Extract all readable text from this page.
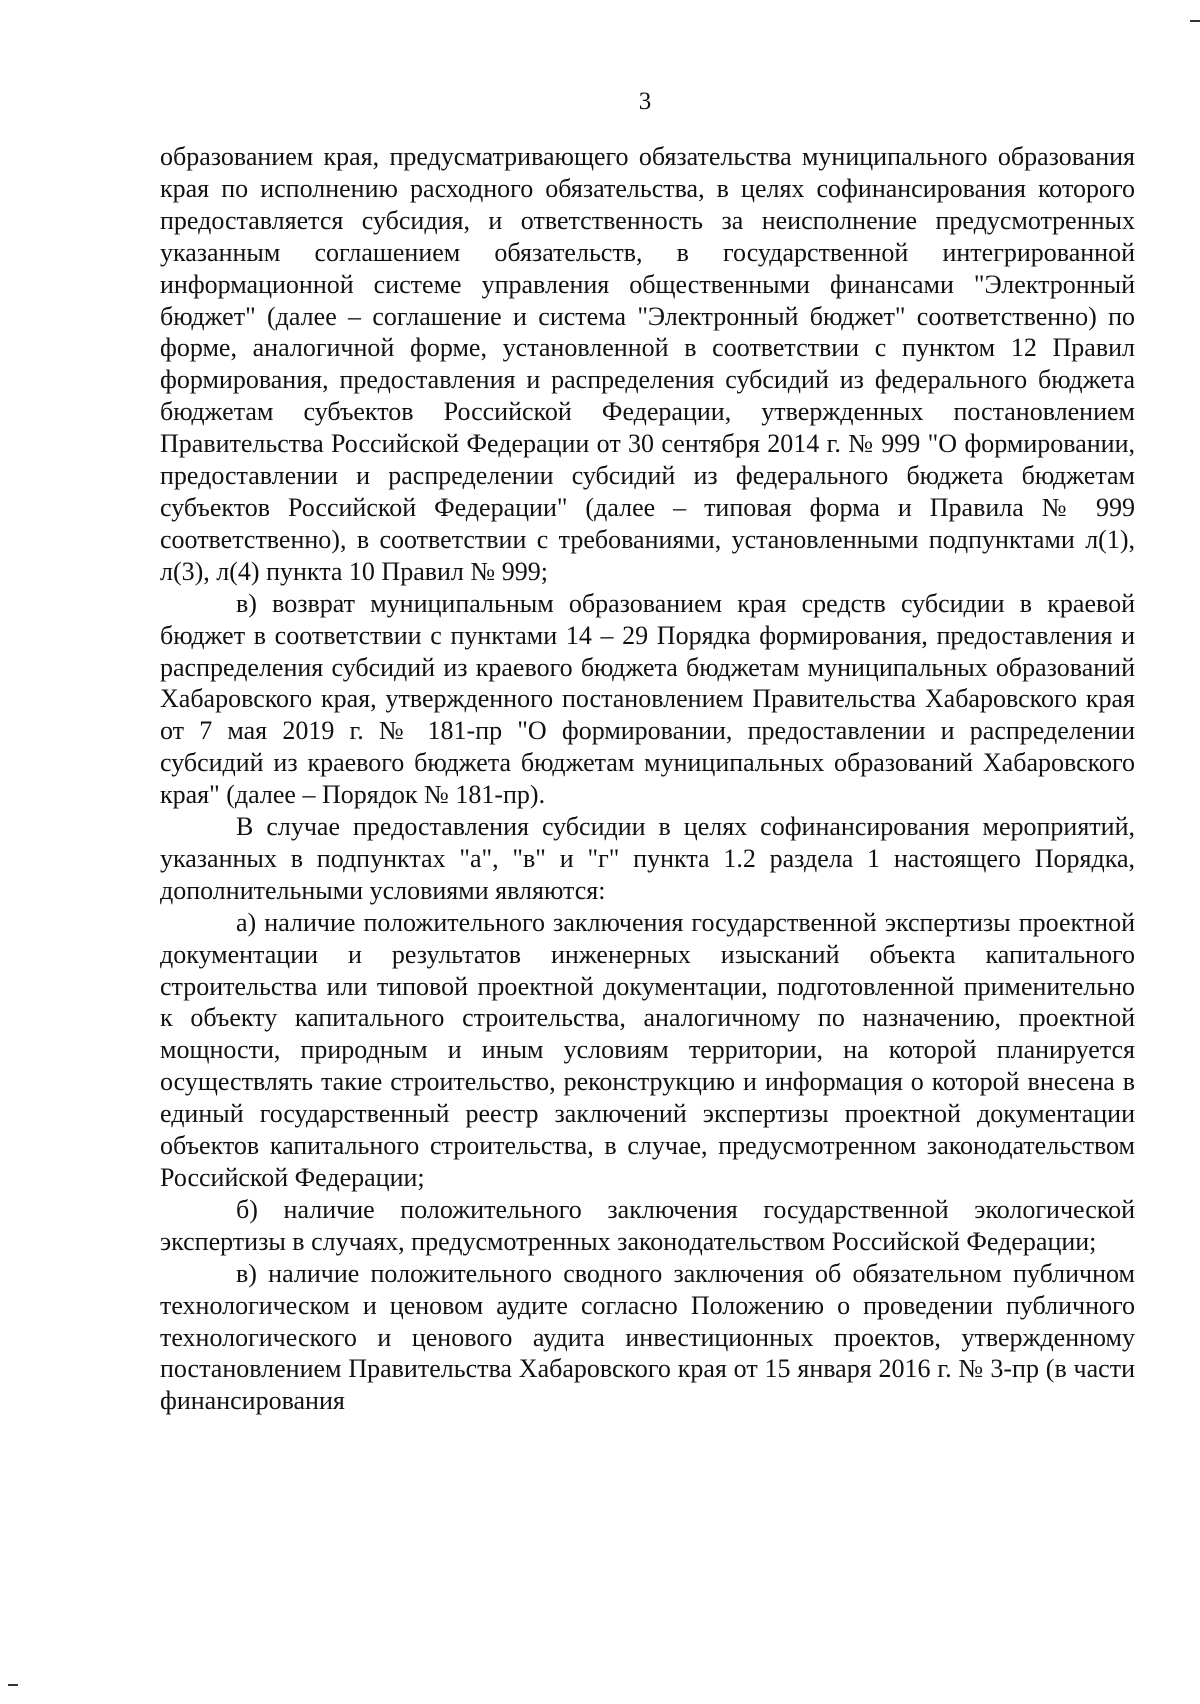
3

образованием края, предусматривающего обязательства муниципального образования края по исполнению расходного обязательства, в целях софинансирования которого предоставляется субсидия, и ответственность за неисполнение предусмотренных указанным соглашением обязательств, в государственной интегрированной информационной системе управления общественными финансами "Электронный бюджет" (далее – соглашение и система "Электронный бюджет" соответственно) по форме, аналогичной форме, установленной в соответствии с пунктом 12 Правил формирования, предоставления и распределения субсидий из федерального бюджета бюджетам субъектов Российской Федерации, утвержденных постановлением Правительства Российской Федерации от 30 сентября 2014 г. № 999 "О формировании, предоставлении и распределении субсидий из федерального бюджета бюджетам субъектов Российской Федерации" (далее – типовая форма и Правила № 999 соответственно), в соответствии с требованиями, установленными подпунктами л(1), л(3), л(4) пункта 10 Правил № 999;

в) возврат муниципальным образованием края средств субсидии в краевой бюджет в соответствии с пунктами 14 – 29 Порядка формирования, предоставления и распределения субсидий из краевого бюджета бюджетам муниципальных образований Хабаровского края, утвержденного постановлением Правительства Хабаровского края от 7 мая 2019 г. № 181-пр "О формировании, предоставлении и распределении субсидий из краевого бюджета бюджетам муниципальных образований Хабаровского края" (далее – Порядок № 181-пр).

В случае предоставления субсидии в целях софинансирования мероприятий, указанных в подпунктах "а", "в" и "г" пункта 1.2 раздела 1 настоящего Порядка, дополнительными условиями являются:

а) наличие положительного заключения государственной экспертизы проектной документации и результатов инженерных изысканий объекта капитального строительства или типовой проектной документации, подготовленной применительно к объекту капитального строительства, аналогичному по назначению, проектной мощности, природным и иным условиям территории, на которой планируется осуществлять такие строительство, реконструкцию и информация о которой внесена в единый государственный реестр заключений экспертизы проектной документации объектов капитального строительства, в случае, предусмотренном законодательством Российской Федерации;

б) наличие положительного заключения государственной экологической экспертизы в случаях, предусмотренных законодательством Российской Федерации;

в) наличие положительного сводного заключения об обязательном публичном технологическом и ценовом аудите согласно Положению о проведении публичного технологического и ценового аудита инвестиционных проектов, утвержденному постановлением Правительства Хабаровского края от 15 января 2016 г. № 3-пр (в части финансирования
